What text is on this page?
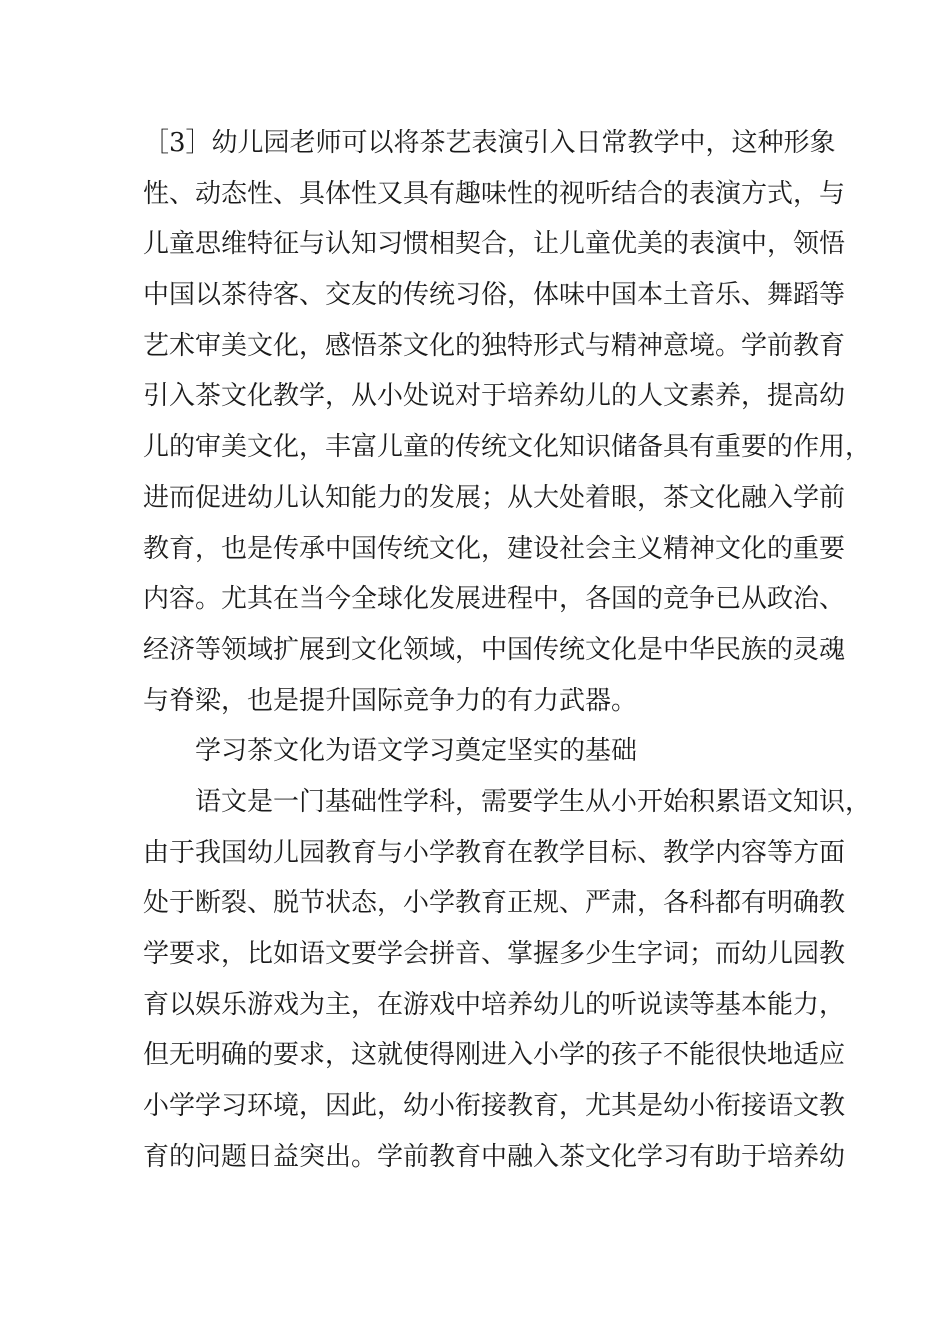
［3］幼儿园老师可以将茶艺表演引入日常教学中，这种形象
性、动态性、具体性又具有趣味性的视听结合的表演方式，与
儿童思维特征与认知习惯相契合，让儿童优美的表演中，领悟
中国以茶待客、交友的传统习俗，体味中国本土音乐、舞蹈等
艺术审美文化，感悟茶文化的独特形式与精神意境。学前教育
引入茶文化教学，从小处说对于培养幼儿的人文素养，提高幼
儿的审美文化，丰富儿童的传统文化知识储备具有重要的作用，
进而促进幼儿认知能力的发展；从大处着眼，茶文化融入学前
教育，也是传承中国传统文化，建设社会主义精神文化的重要
内容。尤其在当今全球化发展进程中，各国的竞争已从政治、
经济等领域扩展到文化领域，中国传统文化是中华民族的灵魂
与脊梁，也是提升国际竞争力的有力武器。
学习茶文化为语文学习奠定坚实的基础
语文是一门基础性学科，需要学生从小开始积累语文知识，
由于我国幼儿园教育与小学教育在教学目标、教学内容等方面
处于断裂、脱节状态，小学教育正规、严肃，各科都有明确教
学要求，比如语文要学会拼音、掌握多少生字词；而幼儿园教
育以娱乐游戏为主，在游戏中培养幼儿的听说读等基本能力，
但无明确的要求，这就使得刚进入小学的孩子不能很快地适应
小学学习环境，因此，幼小衔接教育，尤其是幼小衔接语文教
育的问题日益突出。学前教育中融入茶文化学习有助于培养幼
